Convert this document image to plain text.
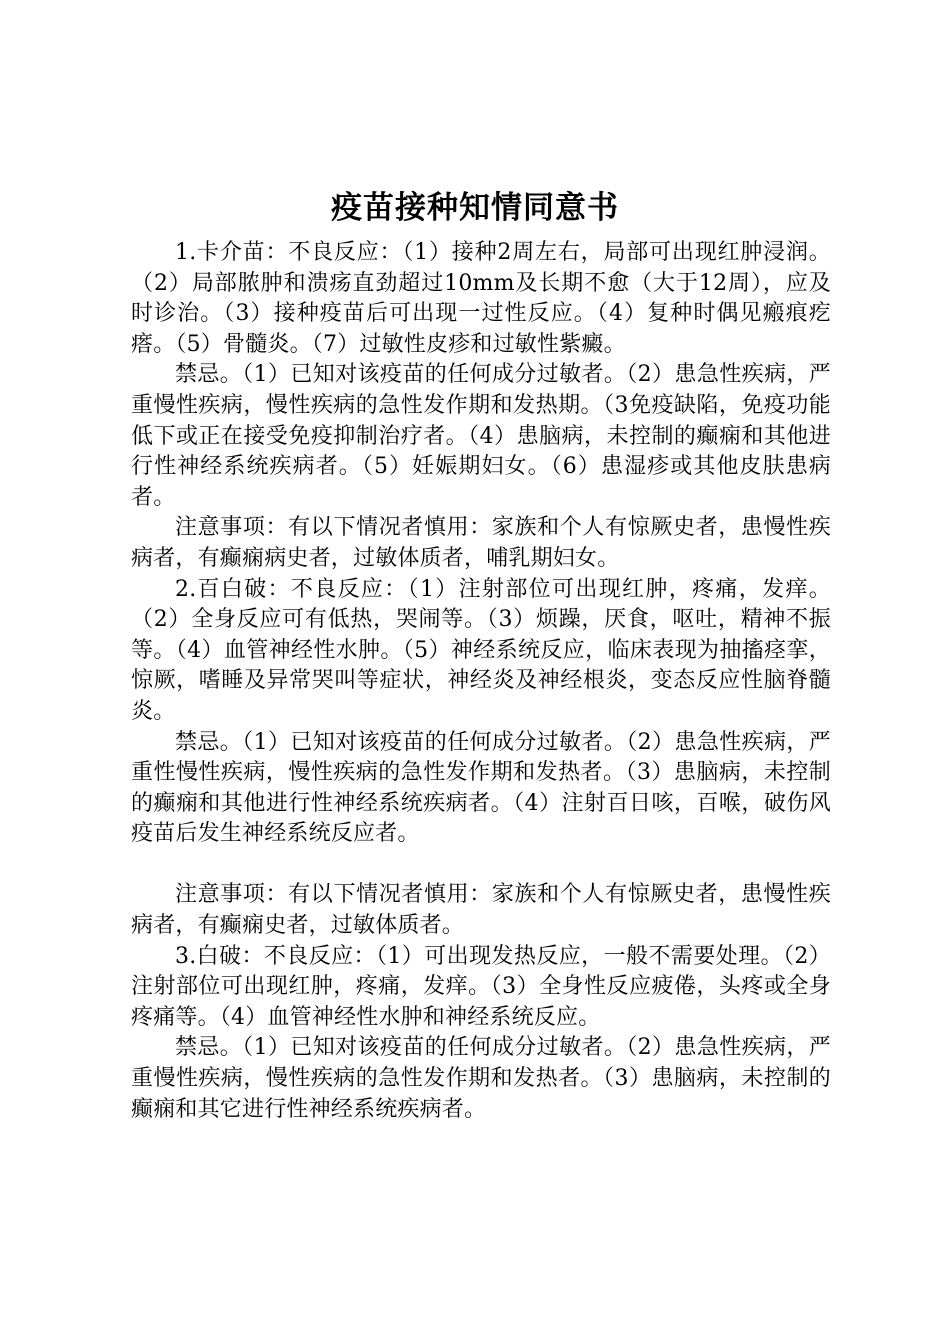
疫苗接种知情同意书

1.卡介苗：不良反应：（1）接种2周左右，局部可出现红肿浸润。（2）局部脓肿和溃疡直劲超过10mm及长期不愈（大于12周），应及时诊治。（3）接种疫苗后可出现一过性反应。（4）复种时偶见瘢痕疙瘩。（5）骨髓炎。（7）过敏性皮疹和过敏性紫癜。

禁忌。（1）已知对该疫苗的任何成分过敏者。（2）患急性疾病，严重慢性疾病，慢性疾病的急性发作期和发热期。（3免疫缺陷，免疫功能低下或正在接受免疫抑制治疗者。（4）患脑病，未控制的癫痫和其他进行性神经系统疾病者。（5）妊娠期妇女。（6）患湿疹或其他皮肤患病者。

注意事项：有以下情况者慎用：家族和个人有惊厥史者，患慢性疾病者，有癫痫病史者，过敏体质者，哺乳期妇女。

2.百白破：不良反应：（1）注射部位可出现红肿，疼痛，发痒。（2）全身反应可有低热，哭闹等。（3）烦躁，厌食，呕吐，精神不振等。（4）血管神经性水肿。（5）神经系统反应，临床表现为抽搐痉挛，惊厥，嗜睡及异常哭叫等症状，神经炎及神经根炎，变态反应性脑脊髓炎。

禁忌。（1）已知对该疫苗的任何成分过敏者。（2）患急性疾病，严重性慢性疾病，慢性疾病的急性发作期和发热者。（3）患脑病，未控制的癫痫和其他进行性神经系统疾病者。（4）注射百日咳，百喉，破伤风疫苗后发生神经系统反应者。

注意事项：有以下情况者慎用：家族和个人有惊厥史者，患慢性疾病者，有癫痫史者，过敏体质者。

3.白破：不良反应：（1）可出现发热反应，一般不需要处理。（2）注射部位可出现红肿，疼痛，发痒。（3）全身性反应疲倦，头疼或全身疼痛等。（4）血管神经性水肿和神经系统反应。

禁忌。（1）已知对该疫苗的任何成分过敏者。（2）患急性疾病，严重慢性疾病，慢性疾病的急性发作期和发热者。（3）患脑病，未控制的癫痫和其它进行性神经系统疾病者。
